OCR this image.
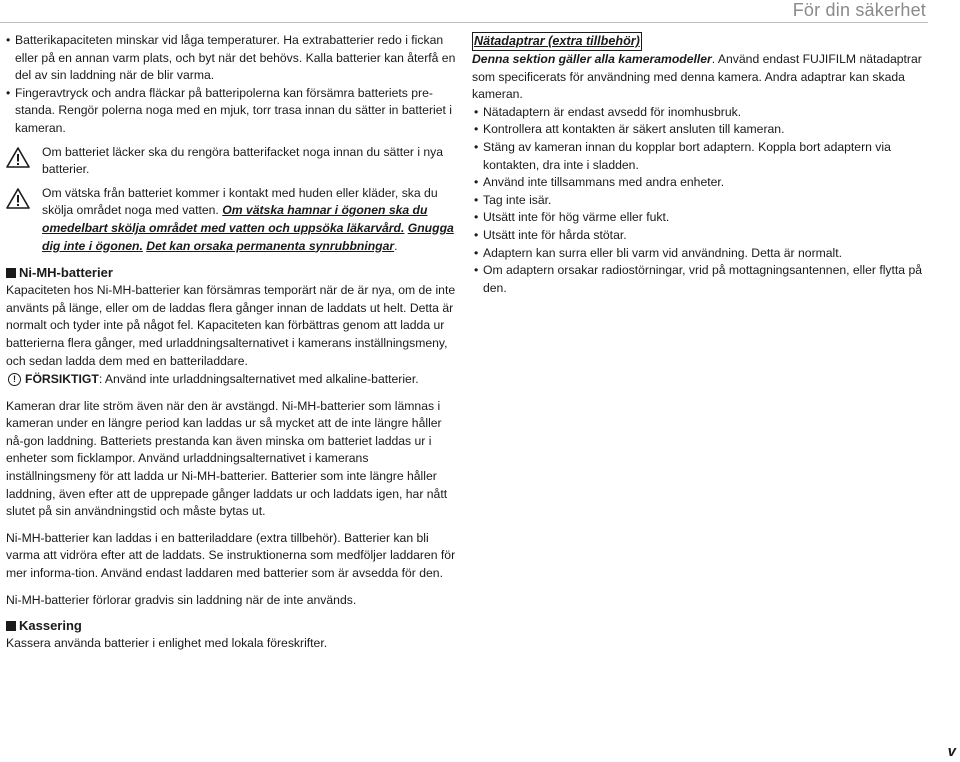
För din säkerhet
• Batterikapaciteten minskar vid låga temperaturer. Ha extrabatterier redo i fickan eller på en annan varm plats, och byt när det behövs. Kalla batterier kan återfå en del av sin laddning när de blir varma.
• Fingeravtryck och andra fläckar på batteripolerna kan försämra batteriets pre-standa. Rengör polerna noga med en mjuk, torr trasa innan du sätter in batteriet i kameran.
Om batteriet läcker ska du rengöra batterifacket noga innan du sätter i nya batterier.
Om vätska från batteriet kommer i kontakt med huden eller kläder, ska du skölja området noga med vatten. Om vätska hamnar i ögonen ska du omedelbart skölja området med vatten och uppsöka läkarvård. Gnugga dig inte i ögonen. Det kan orsaka permanenta synrubbningar.
Ni-MH-batterier

Kapaciteten hos Ni-MH-batterier kan försämras temporärt när de är nya, om de inte använts på länge, eller om de laddas flera gånger innan de laddats ut helt. Detta är normalt och tyder inte på något fel. Kapaciteten kan förbättras genom att ladda ur batterierna flera gånger, med urladdningsalternativet i kamerans inställningsmeny, och sedan ladda dem med en batteriladdare.

! FÖRSIKTIGT : Använd inte urladdningsalternativet med alkaline-batterier.

Kameran drar lite ström även när den är avstängd. Ni-MH-batterier som lämnas i kameran under en längre period kan laddas ur så mycket att de inte längre håller nå-gon laddning. Batteriets prestanda kan även minska om batteriet laddas ur i enheter som ficklampor. Använd urladdningsalternativet i kamerans inställningsmeny för att ladda ur Ni-MH-batterier. Batterier som inte längre håller laddning, även efter att de upprepade gånger laddats ur och laddats igen, har nått slutet på sin användningstid och måste bytas ut.

Ni-MH-batterier kan laddas i en batteriladdare (extra tillbehör). Batterier kan bli varma att vidröra efter att de laddats. Se instruktionerna som medföljer laddaren för mer informa-tion. Använd endast laddaren med batterier som är avsedda för den.

Ni-MH-batterier förlorar gradvis sin laddning när de inte används.

Kassering

Kassera använda batterier i enlighet med lokala föreskrifter.

Nätadaptrar (extra tillbehör)

Denna sektion gäller alla kameramodeller. Använd endast FUJIFILM nätadaptrar som specificerats för användning med denna kamera. Andra adaptrar kan skada kameran.

• Nätadaptern är endast avsedd för inomhusbruk.
• Kontrollera att kontakten är säkert ansluten till kameran.
• Stäng av kameran innan du kopplar bort adaptern. Koppla bort adaptern via kontakten, dra inte i sladden.
• Använd inte tillsammans med andra enheter.
• Tag inte isär.
• Utsätt inte för hög värme eller fukt.
• Utsätt inte för hårda stötar.
• Adaptern kan surra eller bli varm vid användning. Detta är normalt.
• Om adaptern orsakar radiostörningar, vrid på mottagningsantennen, eller flytta på den.
v
